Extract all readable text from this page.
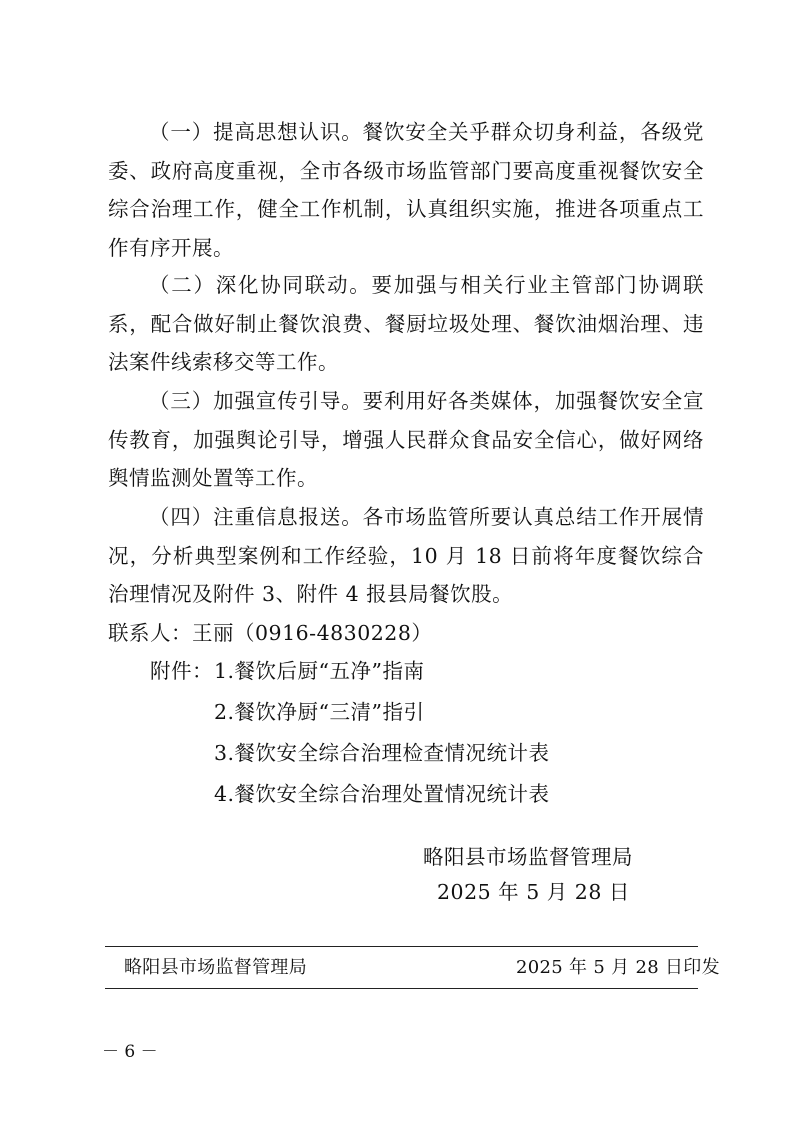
（一）提高思想认识。餐饮安全关乎群众切身利益，各级党委、政府高度重视，全市各级市场监管部门要高度重视餐饮安全综合治理工作，健全工作机制，认真组织实施，推进各项重点工作有序开展。

（二）深化协同联动。要加强与相关行业主管部门协调联系，配合做好制止餐饮浪费、餐厨垃圾处理、餐饮油烟治理、违法案件线索移交等工作。

（三）加强宣传引导。要利用好各类媒体，加强餐饮安全宣传教育，加强舆论引导，增强人民群众食品安全信心，做好网络舆情监测处置等工作。

（四）注重信息报送。各市场监管所要认真总结工作开展情况，分析典型案例和工作经验，10 月 18 日前将年度餐饮综合治理情况及附件 3、附件 4 报县局餐饮股。

联系人：王丽（0916-4830228）
附件： 1.餐饮后厨“五净”指南
2.餐饮净厨“三清”指引
3.餐饮安全综合治理检查情况统计表
4.餐饮安全综合治理处置情况统计表
略阳县市场监督管理局
2025 年 5 月 28 日
略阳县市场监督管理局	2025 年 5 月 28 日印发
－ 6 －
